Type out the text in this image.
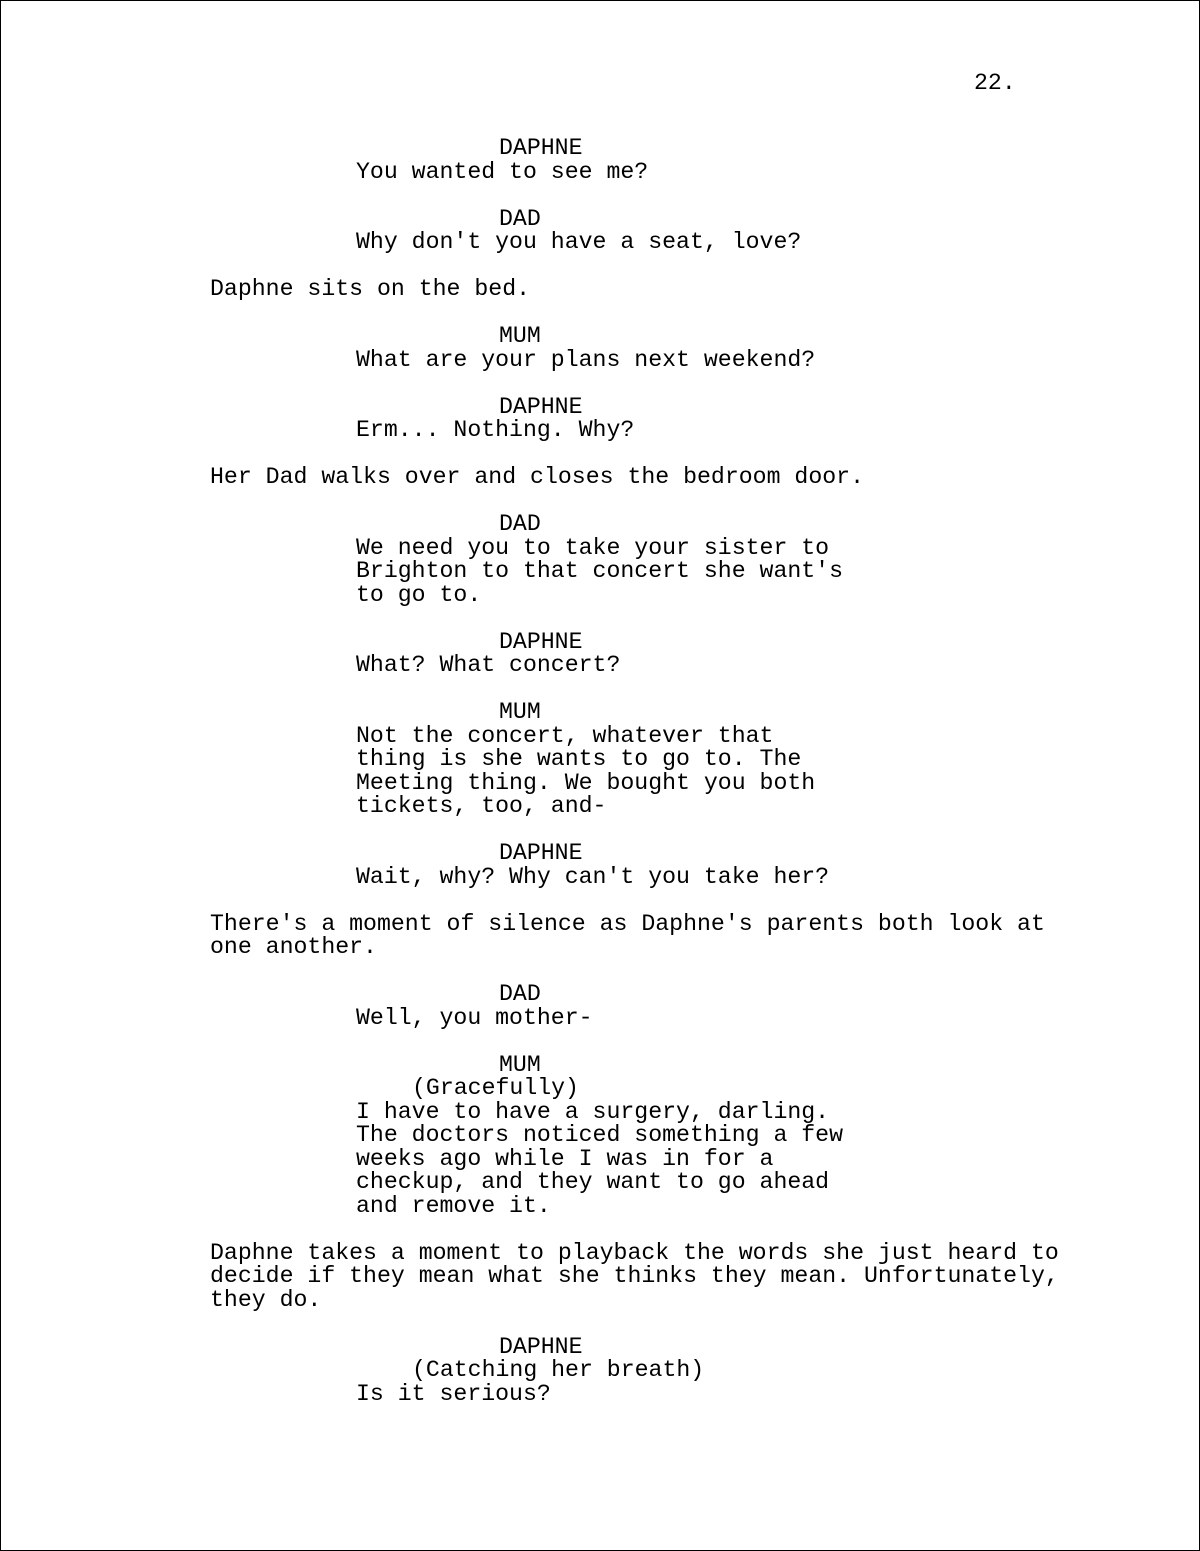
22.
DAPHNE
You wanted to see me?
DAD
Why don't you have a seat, love?
Daphne sits on the bed.
MUM
What are your plans next weekend?
DAPHNE
Erm... Nothing. Why?
Her Dad walks over and closes the bedroom door.
DAD
We need you to take your sister to
Brighton to that concert she want's
to go to.
DAPHNE
What? What concert?
MUM
Not the concert, whatever that
thing is she wants to go to. The
Meeting thing. We bought you both
tickets, too, and-
DAPHNE
Wait, why? Why can't you take her?
There's a moment of silence as Daphne's parents both look at
one another.
DAD
Well, you mother-
MUM
(Gracefully)
I have to have a surgery, darling.
The doctors noticed something a few
weeks ago while I was in for a
checkup, and they want to go ahead
and remove it.
Daphne takes a moment to playback the words she just heard to
decide if they mean what she thinks they mean. Unfortunately,
they do.
DAPHNE
(Catching her breath)
Is it serious?
